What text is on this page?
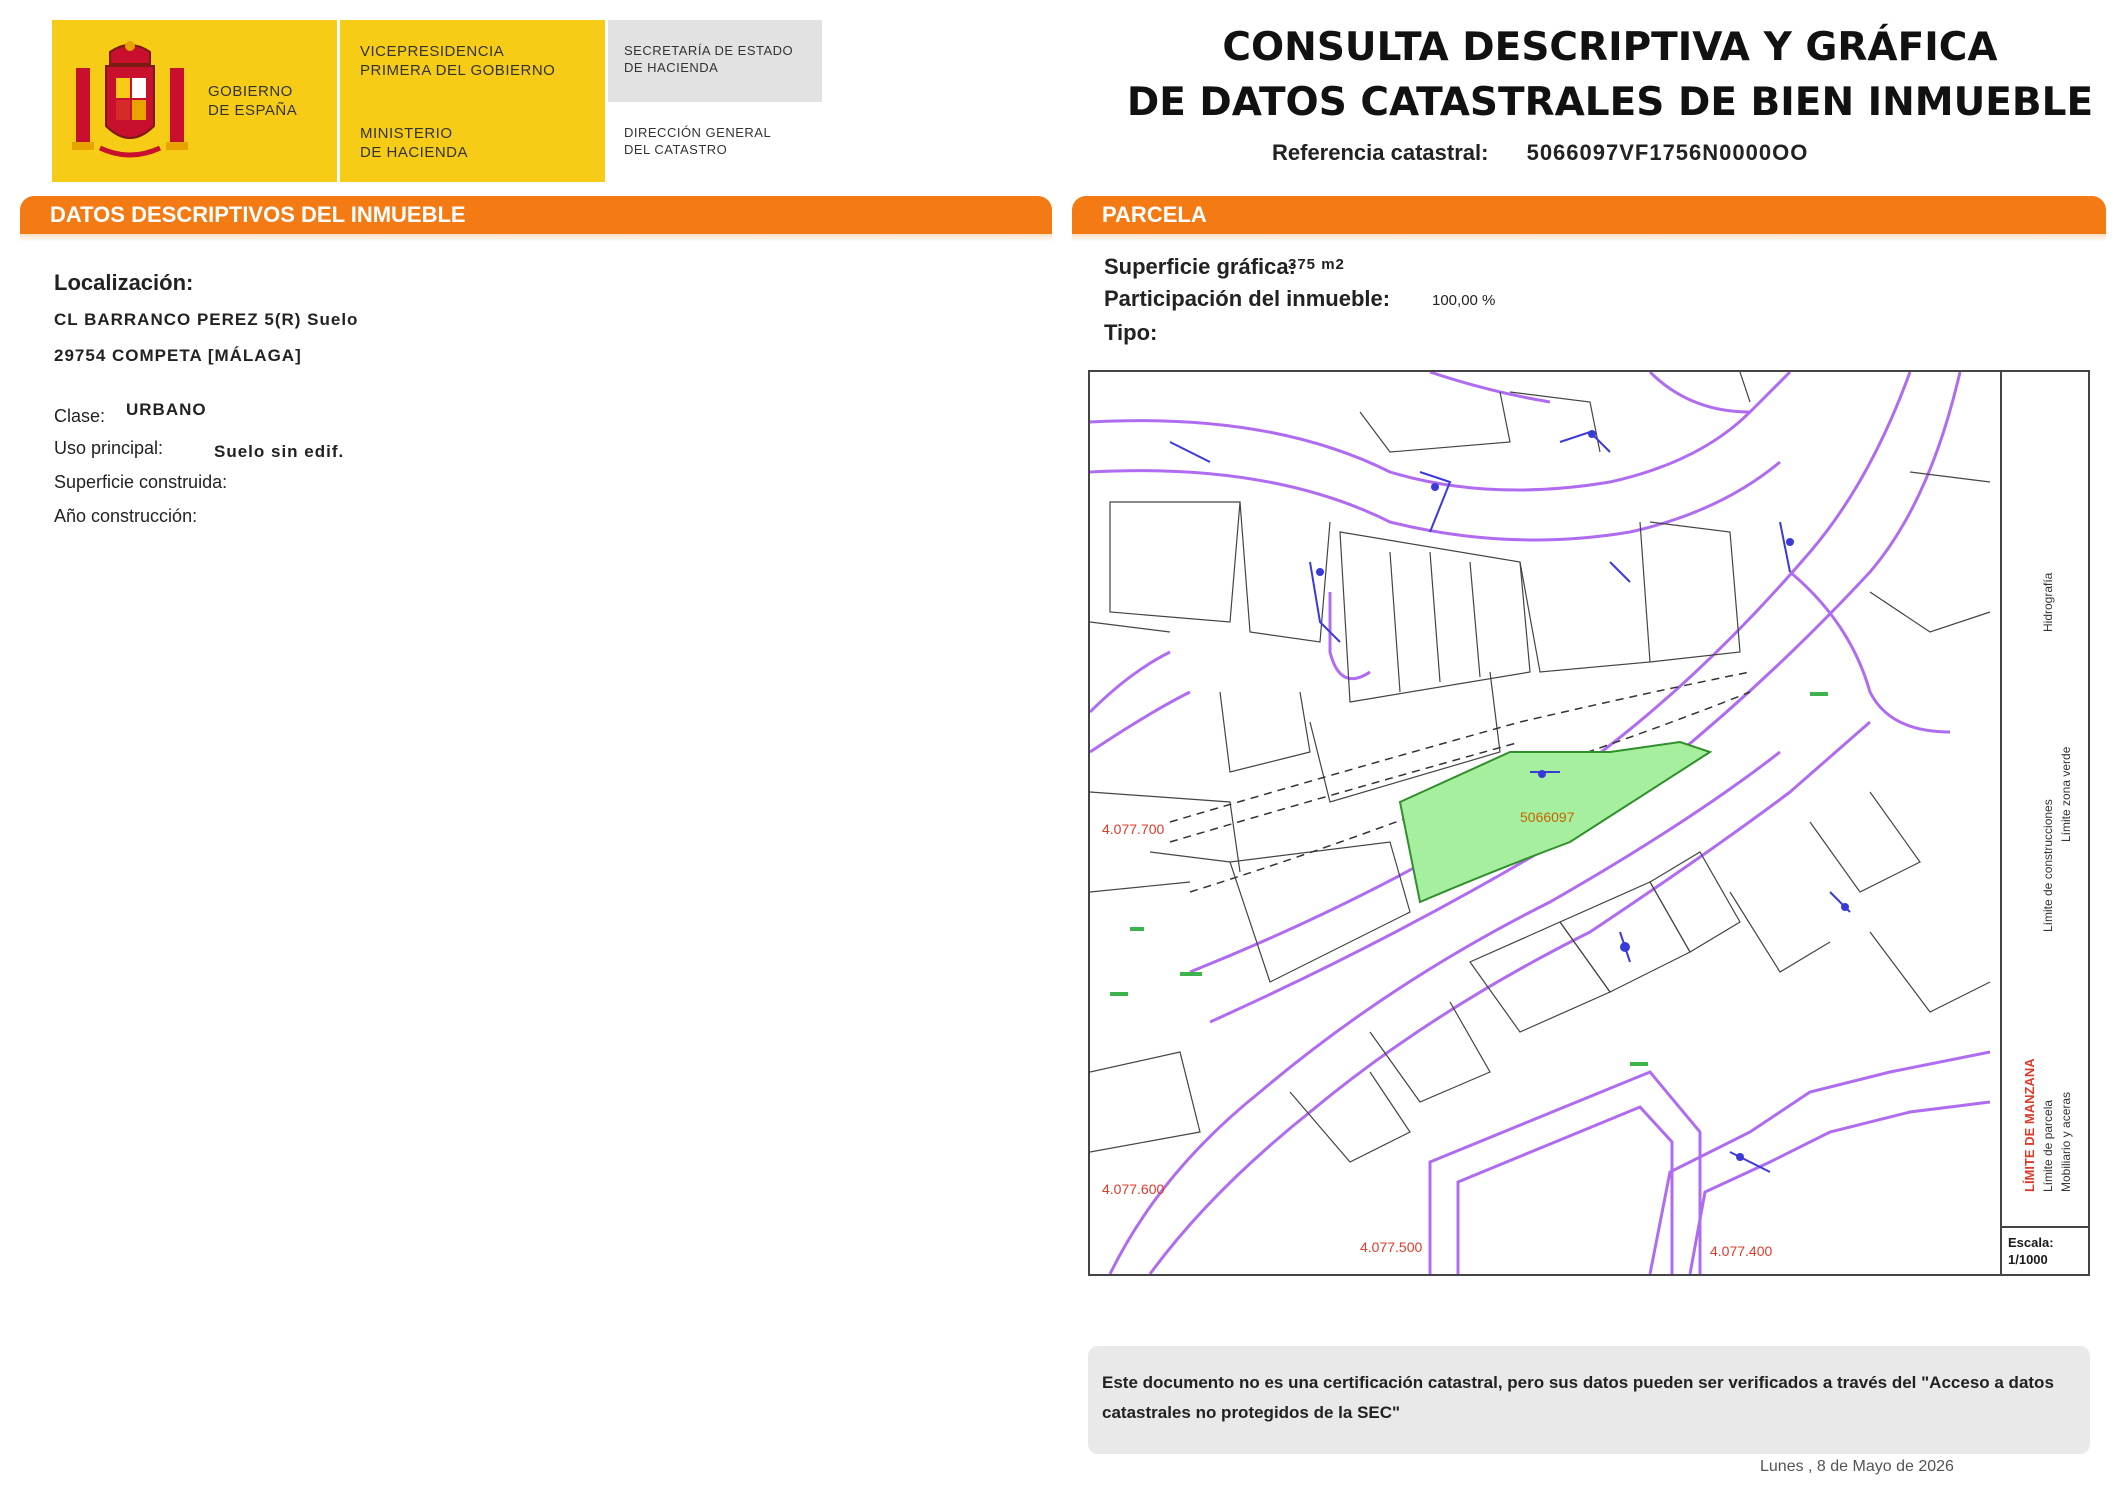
GOBIERNO
DE ESPAÑA
VICEPRESIDENCIA
PRIMERA DEL GOBIERNO
MINISTERIO
DE HACIENDA
SECRETARÍA DE ESTADO
DE HACIENDA
DIRECCIÓN GENERAL
DEL CATASTRO
CONSULTA DESCRIPTIVA Y GRÁFICA
DE DATOS CATASTRALES DE BIEN INMUEBLE
Referencia catastral: 5066097VF1756N0000OO
DATOS DESCRIPTIVOS DEL INMUEBLE
Localización:
CL BARRANCO PEREZ 5(R) Suelo
29754 COMPETA [MÁLAGA]
Clase: URBANO
Uso principal:	Suelo sin edif.
Superficie construida:
Año construcción:
PARCELA
Superficie gráfica:
375 m2
Participación del inmueble:	100,00 %
Tipo:
5066097
4.077.700
4.077.600
4.077.500	4.077.400
LÍMITE DE MANZANA Límite de parcela
Límite de construcciones
Mobiliario y aceras
Límite zona verde
Hidrografía
Escala:
1/1000
Este documento no es una certificación catastral, pero sus datos pueden ser verificados a través del "Acceso a datos catastrales no protegidos de la SEC"
Lunes , 8 de Mayo de 2026
